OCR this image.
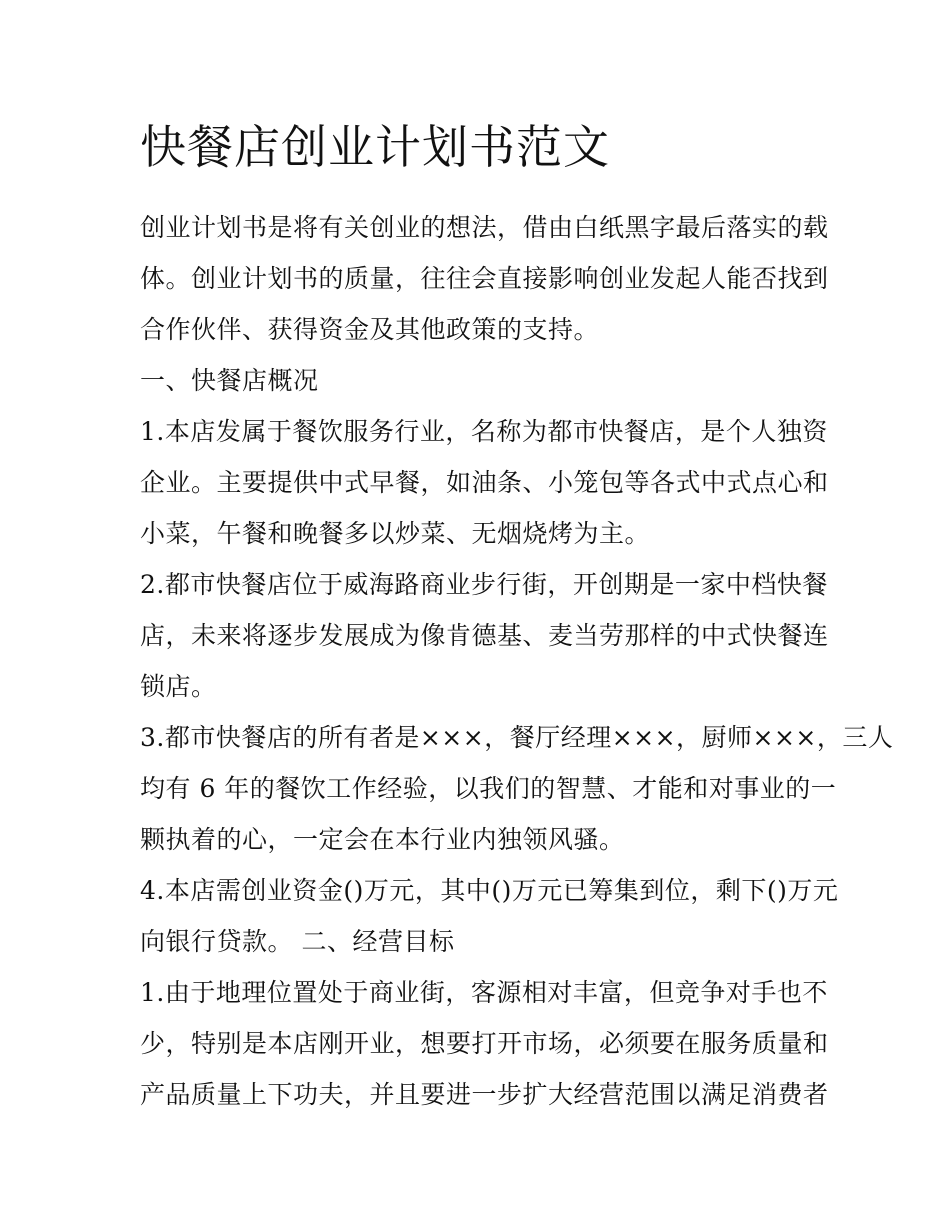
快餐店创业计划书范文
创业计划书是将有关创业的想法，借由白纸黑字最后落实的载
体。创业计划书的质量，往往会直接影响创业发起人能否找到
合作伙伴、获得资金及其他政策的支持。
一、快餐店概况
1.本店发属于餐饮服务行业，名称为都市快餐店，是个人独资
企业。主要提供中式早餐，如油条、小笼包等各式中式点心和
小菜，午餐和晚餐多以炒菜、无烟烧烤为主。
2.都市快餐店位于威海路商业步行街，开创期是一家中档快餐
店，未来将逐步发展成为像肯德基、麦当劳那样的中式快餐连
锁店。
3.都市快餐店的所有者是×××，餐厅经理×××，厨师×××，三人
均有 6 年的餐饮工作经验，以我们的智慧、才能和对事业的一
颗执着的心，一定会在本行业内独领风骚。
4.本店需创业资金()万元，其中()万元已筹集到位，剩下()万元
向银行贷款。 二、经营目标
1.由于地理位置处于商业街，客源相对丰富，但竞争对手也不
少，特别是本店刚开业，想要打开市场，必须要在服务质量和
产品质量上下功夫，并且要进一步扩大经营范围以满足消费者
